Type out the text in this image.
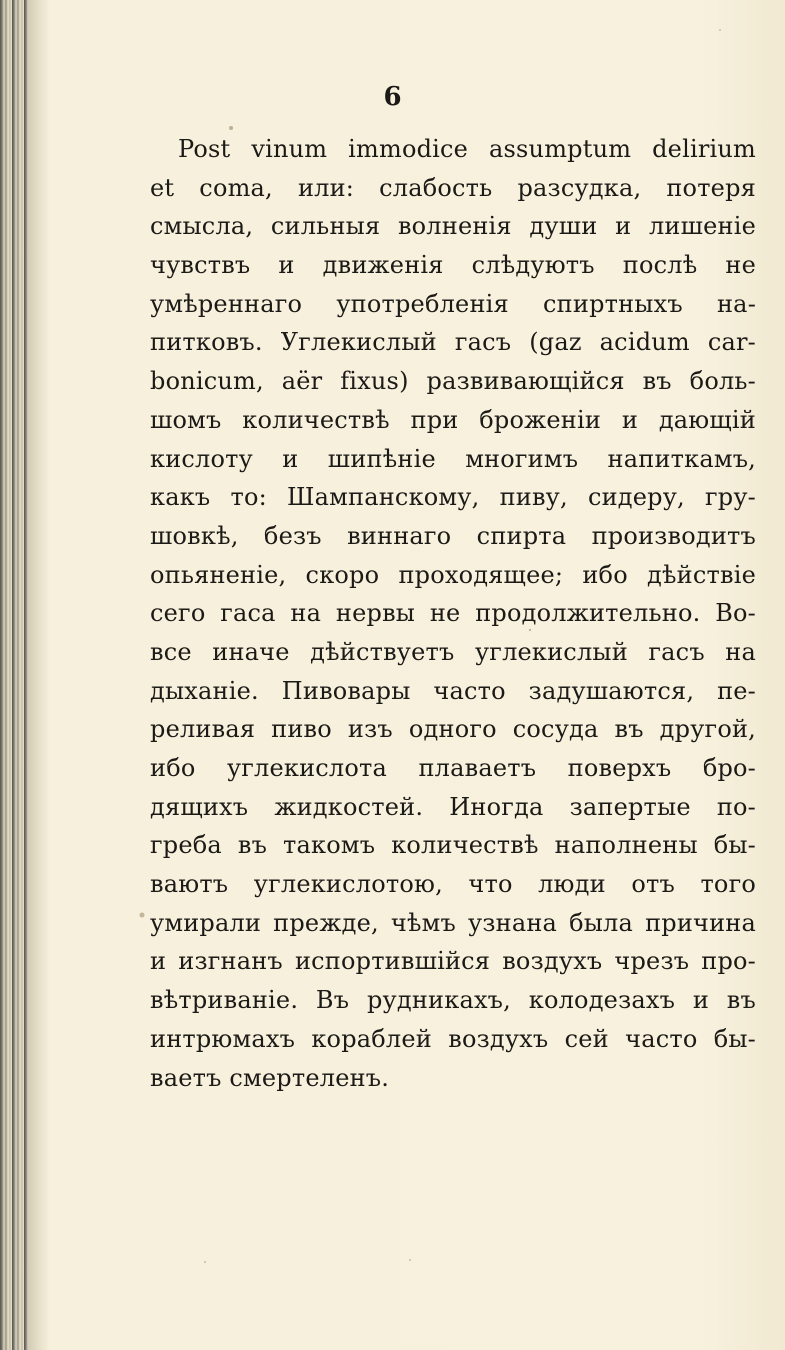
6
Post vinum immodice assumptum delirium
et coma, или: слабость разсудка, потеря
смысла, сильныя волненія души и лишеніе
чувствъ и движенія слѣдуютъ послѣ не
умѣреннаго употребленія спиртныхъ на-
питковъ. Углекислый гасъ (gaz acidum car-
bonicum, aër fixus) развивающійся въ боль-
шомъ количествѣ при броженіи и дающій
кислоту и шипѣніе многимъ напиткамъ,
какъ то: Шампанскому, пиву, сидеру, гру-
шовкѣ, безъ виннаго спирта производитъ
опьяненіе, скоро проходящее; ибо дѣйствіе
сего гаса на нервы не продолжительно. Во-
все иначе дѣйствуетъ углекислый гасъ на
дыханіе. Пивовары часто задушаются, пе-
реливая пиво изъ одного сосуда въ другой,
ибо углекислота плаваетъ поверхъ бро-
дящихъ жидкостей. Иногда запертые по-
греба въ такомъ количествѣ наполнены бы-
ваютъ углекислотою, что люди отъ того
умирали прежде, чѣмъ узнана была причина
и изгнанъ испортившійся воздухъ чрезъ про-
вѣтриваніе. Въ рудникахъ, колодезахъ и въ
интрюмахъ кораблей воздухъ сей часто бы-
ваетъ смертеленъ.
